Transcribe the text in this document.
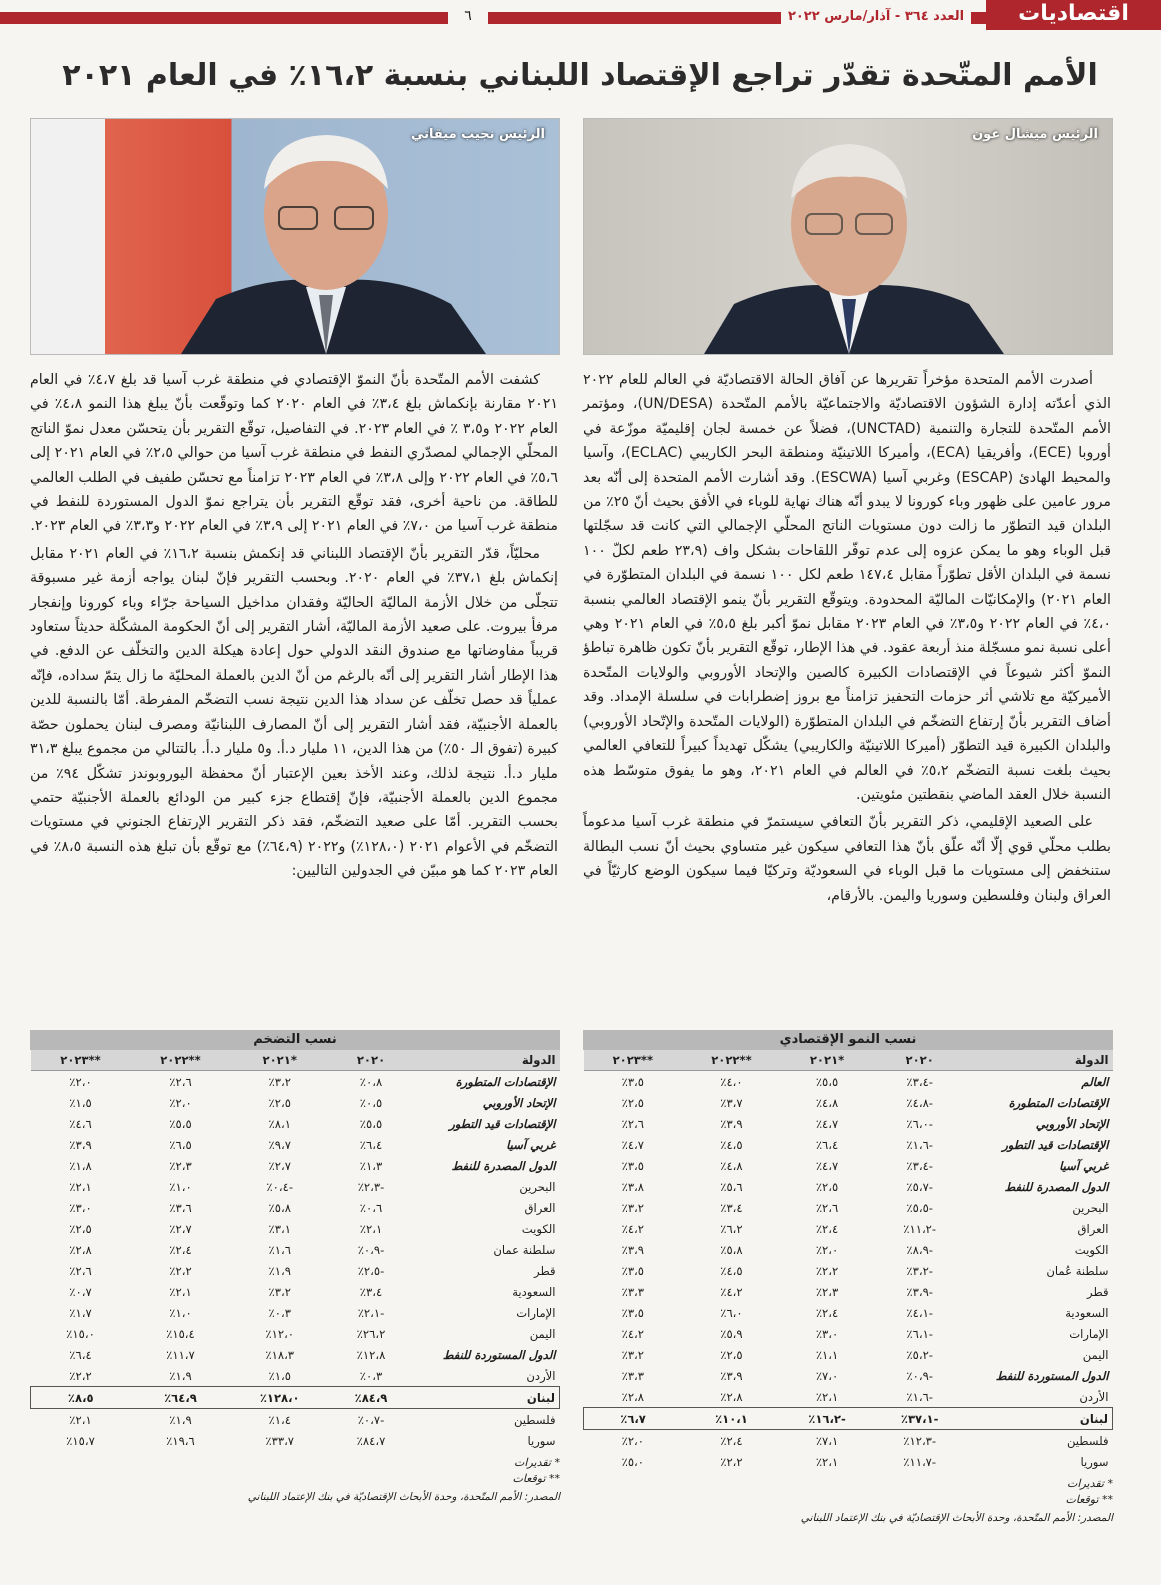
اقتصاديات
العدد ٣٦٤ - آذار/مارس ٢٠٢٢
٦
الأمم المتّحدة تقدّر تراجع الإقتصاد اللبناني بنسبة ١٦،٢٪ في العام ٢٠٢١
الرئيس ميشال عون
الرئيس نجيب ميقاتي

أصدرت الأمم المتحدة مؤخراً تقريرها عن آفاق الحالة الاقتصاديّة في العالم للعام ٢٠٢٢ الذي أعدّته إدارة الشؤون الاقتصاديّة والاجتماعيّة بالأمم المتّحدة (UN/DESA)، ومؤتمر الأمم المتّحدة للتجارة والتنمية (UNCTAD)، فضلاً عن خمسة لجان إقليميّة موزّعة في أوروبا (ECE)، وأفريقيا (ECA)، وأميركا اللاتينيّة ومنطقة البحر الكاريبي (ECLAC)، وآسيا والمحيط الهادئ (ESCAP) وغربي آسيا (ESCWA). وقد أشارت الأمم المتحدة إلى أنّه بعد مرور عامين على ظهور وباء كورونا لا يبدو أنّه هناك نهاية للوباء في الأفق بحيث أنّ ٢٥٪ من البلدان قيد التطوّر ما زالت دون مستويات الناتج المحلّي الإجمالي التي كانت قد سجّلتها قبل الوباء وهو ما يمكن عزوه إلى عدم توفّر اللقاحات بشكل واف (٢٣،٩ طعم لكلّ ١٠٠ نسمة في البلدان الأقل تطوّراً مقابل ١٤٧،٤ طعم لكل ١٠٠ نسمة في البلدان المتطوّرة في العام ٢٠٢١) والإمكانيّات الماليّة المحدودة. ويتوقّع التقرير بأنّ ينمو الإقتصاد العالمي بنسبة ٤،٠٪ في العام ٢٠٢٢ و٣،٥٪ في العام ٢٠٢٣ مقابل نموّ أكبر بلغ ٥،٥٪ في العام ٢٠٢١ وهي أعلى نسبة نمو مسجّلة منذ أربعة عقود. في هذا الإطار، توقّع التقرير بأنّ تكون ظاهرة تباطؤ النموّ أكثر شيوعاً في الإقتصادات الكبيرة كالصين والإتحاد الأوروبي والولايات المتّحدة الأميركيّة مع تلاشي أثر حزمات التحفيز تزامناً مع بروز إضطرابات في سلسلة الإمداد. وقد أضاف التقرير بأنّ إرتفاع التضخّم في البلدان المتطوّرة (الولايات المتّحدة والإتّحاد الأوروبي) والبلدان الكبيرة قيد التطوّر (أميركا اللاتينيّة والكاريبي) يشكّل تهديداً كبيراً للتعافي العالمي بحيث بلغت نسبة التضخّم ٥،٢٪ في العالم في العام ٢٠٢١، وهو ما يفوق متوسّط هذه النسبة خلال العقد الماضي بنقطتين مئويتين.

على الصعيد الإقليمي، ذكر التقرير بأنّ التعافي سيستمرّ في منطقة غرب آسيا مدعوماً بطلب محلّي قوي إلّا أنّه علّق بأنّ هذا التعافي سيكون غير متساوي بحيث أنّ نسب البطالة ستنخفض إلى مستويات ما قبل الوباء في السعوديّة وتركيّا فيما سيكون الوضع كارثيّاً في العراق ولبنان وفلسطين وسوريا واليمن. بالأرقام،

كشفت الأمم المتّحدة بأنّ النموّ الإقتصادي في منطقة غرب آسيا قد بلغ ٤،٧٪ في العام ٢٠٢١ مقارنة بإنكماش بلغ ٣،٤٪ في العام ٢٠٢٠ كما وتوقّعت بأنّ يبلغ هذا النمو ٤،٨٪ في العام ٢٠٢٢ و٣،٥ ٪ في العام ٢٠٢٣. في التفاصيل، توقّع التقرير بأن يتحسّن معدل نموّ الناتج المحلّي الإجمالي لمصدّري النفط في منطقة غرب آسيا من حوالي ٢،٥٪ في العام ٢٠٢١ إلى ٥،٦٪ في العام ٢٠٢٢ وإلى ٣،٨٪ في العام ٢٠٢٣ تزامناً مع تحسّن طفيف في الطلب العالمي للطاقة. من ناحية أخرى، فقد توقّع التقرير بأن يتراجع نموّ الدول المستوردة للنفط في منطقة غرب آسيا من ٧،٠٪ في العام ٢٠٢١ إلى ٣،٩٪ في العام ٢٠٢٢ و٣،٣٪ في العام ٢٠٢٣.

محليّاً، قدّر التقرير بأنّ الإقتصاد اللبناني قد إنكمش بنسبة ١٦،٢٪ في العام ٢٠٢١ مقابل إنكماش بلغ ٣٧،١٪ في العام ٢٠٢٠. وبحسب التقرير فإنّ لبنان يواجه أزمة غير مسبوقة تتجلّى من خلال الأزمة الماليّة الحاليّة وفقدان مداخيل السياحة جرّاء وباء كورونا وإنفجار مرفأ بيروت. على صعيد الأزمة الماليّة، أشار التقرير إلى أنّ الحكومة المشكّلة حديثاً ستعاود قريباً مفاوضاتها مع صندوق النقد الدولي حول إعادة هيكلة الدين والتخلّف عن الدفع. في هذا الإطار أشار التقرير إلى أنّه بالرغم من أنّ الدين بالعملة المحليّة ما زال يتمّ سداده، فإنّه عملياً قد حصل تخلّف عن سداد هذا الدين نتيجة نسب التضخّم المفرطة. أمّا بالنسبة للدين بالعملة الأجنبيّة، فقد أشار التقرير إلى أنّ المصارف اللبنانيّة ومصرف لبنان يحملون حصّة كبيرة (تفوق الـ ٥٠٪) من هذا الدين، ١١ مليار د.أ. و٥ مليار د.أ. بالتتالي من مجموع يبلغ ٣١،٣ مليار د.أ. نتيجة لذلك، وعند الأخذ بعين الإعتبار أنّ محفظة اليوروبوندز تشكّل ٩٤٪ من مجموع الدين بالعملة الأجنبيّة، فإنّ إقتطاع جزء كبير من الودائع بالعملة الأجنبيّة حتمي بحسب التقرير. أمّا على صعيد التضخّم، فقد ذكر التقرير الإرتفاع الجنوني في مستويات التضخّم في الأعوام ٢٠٢١ (١٢٨،٠٪) و٢٠٢٢ (٦٤،٩٪) مع توقّع بأن تبلغ هذه النسبة ٨،٥٪ في العام ٢٠٢٣ كما هو مبيّن في الجدولين التاليين:

نسب النمو الإقتصادي
الدولة	٢٠٢٠	*٢٠٢١	**٢٠٢٢	**٢٠٢٣
العالم	-٣،٤٪	٥،٥٪	٤،٠٪	٣،٥٪
الإقتصادات المتطورة	-٤،٨٪	٤،٨٪	٣،٧٪	٢،٥٪
الإتحاد الأوروبي	-٦،٠٪	٤،٧٪	٣،٩٪	٢،٦٪
الإقتصادات قيد التطور	-١،٦٪	٦،٤٪	٤،٥٪	٤،٧٪
غربي آسيا	-٣،٤٪	٤،٧٪	٤،٨٪	٣،٥٪
الدول المصدرة للنفط	-٥،٧٪	٢،٥٪	٥،٦٪	٣،٨٪
البحرين	-٥،٥٪	٢،٦٪	٣،٤٪	٣،٢٪
العراق	-١١،٢٪	٢،٤٪	٦،٢٪	٤،٢٪
الكويت	-٨،٩٪	٢،٠٪	٥،٨٪	٣،٩٪
سلطنة عُمان	-٣،٢٪	٢،٢٪	٤،٥٪	٣،٥٪
قطر	-٣،٩٪	٢،٣٪	٤،٢٪	٣،٣٪
السعودية	-٤،١٪	٢،٤٪	٦،٠٪	٣،٥٪
الإمارات	-٦،١٪	٣،٠٪	٥،٩٪	٤،٢٪
اليمن	-٥،٢٪	١،١٪	٢،٥٪	٣،٢٪
الدول المستوردة للنفط	-٠،٩٪	٧،٠٪	٣،٩٪	٣،٣٪
الأردن	-١،٦٪	٢،١٪	٢،٨٪	٢،٨٪
لبنان	-٣٧،١٪	-١٦،٢٪	١٠،١٪	٦،٧٪
فلسطين	-١٢،٣٪	٧،١٪	٢،٤٪	٢،٠٪
سوريا	-١١،٧٪	٢،١٪	٢،٢٪	٥،٠٪
* تقديرات
** توقعات
المصدر: الأمم المتّحدة، وحدة الأبحاث الإقتصاديّة في بنك الإعتماد اللبناني
نسب التضخم
الدولة	٢٠٢٠	*٢٠٢١	**٢٠٢٢	**٢٠٢٣
الإقتصادات المتطورة	٠،٨٪	٣،٢٪	٢،٦٪	٢،٠٪
الإتحاد الأوروبي	٠،٥٪	٢،٥٪	٢،٠٪	١،٥٪
الإقتصادات قيد التطور	٥،٥٪	٨،١٪	٥،٥٪	٤،٦٪
غربي آسيا	٦،٤٪	٩،٧٪	٦،٥٪	٣،٩٪
الدول المصدرة للنفط	١،٣٪	٢،٧٪	٢،٣٪	١،٨٪
البحرين	-٢،٣٪	-٠،٤٪	١،٠٪	٢،١٪
العراق	٠،٦٪	٥،٨٪	٣،٦٪	٣،٠٪
الكويت	٢،١٪	٣،١٪	٢،٧٪	٢،٥٪
سلطنة عمان	-٠،٩٪	١،٦٪	٢،٤٪	٢،٨٪
قطر	-٢،٥٪	١،٩٪	٢،٢٪	٢،٦٪
السعودية	٣،٤٪	٣،٢٪	٢،١٪	٠،٧٪
الإمارات	-٢،١٪	٠،٣٪	١،٠٪	١،٧٪
اليمن	٢٦،٢٪	١٢،٠٪	١٥،٤٪	١٥،٠٪
الدول المستوردة للنفط	١٢،٨٪	١٨،٣٪	١١،٧٪	٦،٤٪
الأردن	٠،٣٪	١،٥٪	١،٩٪	٢،٢٪
لبنان	٨٤،٩٪	١٢٨،٠٪	٦٤،٩٪	٨،٥٪
فلسطين	-٠،٧٪	١،٤٪	١،٩٪	٢،١٪
سوريا	٨٤،٧٪	٣٣،٧٪	١٩،٦٪	١٥،٧٪
* تقديرات
** توقعات
المصدر: الأمم المتّحدة، وحدة الأبحاث الإقتصاديّة في بنك الإعتماد اللبناني
